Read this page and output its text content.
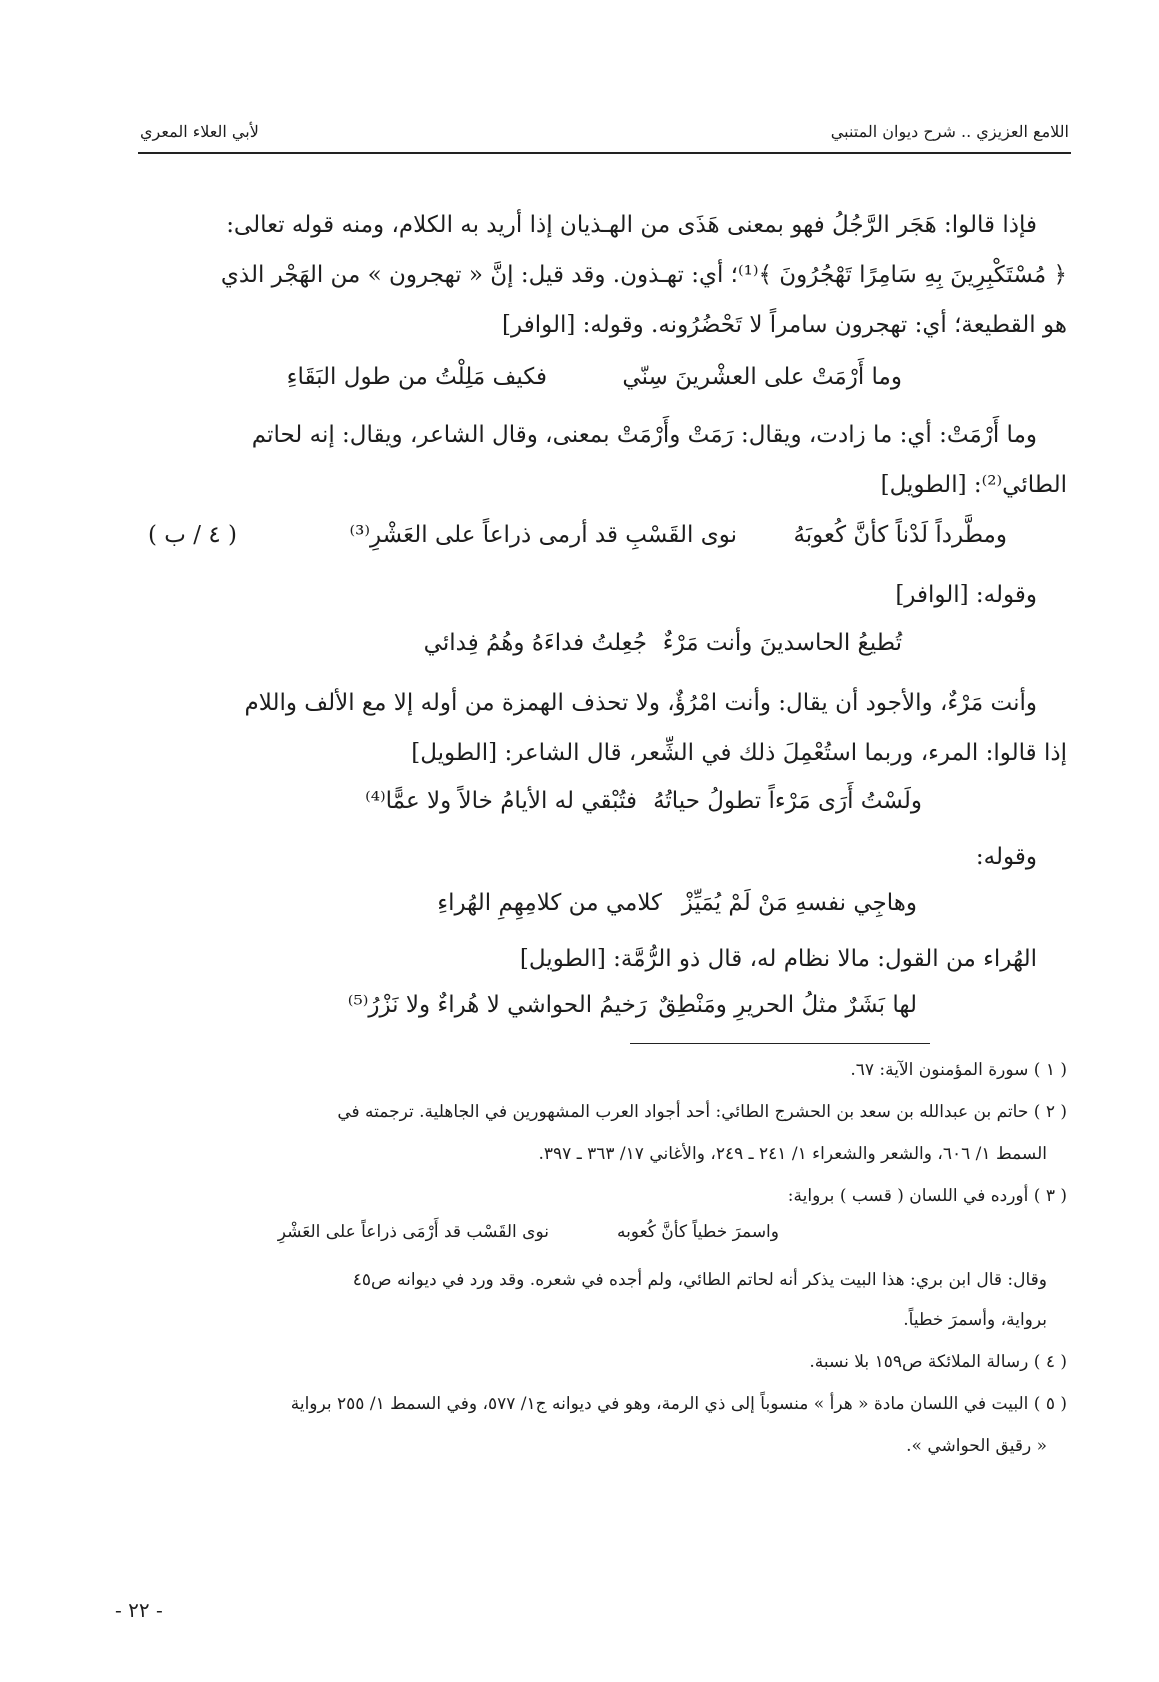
اللامع العزيزي .. شرح ديوان المتنبي
لأبي العلاء المعري
فإذا قالوا: هَجَر الرَّجُلُ فهو بمعنى هَذَى من الهـذيان إذا أريد به الكلام، ومنه قوله تعالى:
﴿ مُسْتَكْبِرِينَ بِهِ سَامِرًا تَهْجُرُونَ ﴾⁽¹⁾؛ أي: تهـذون. وقد قيل: إنَّ « تهجرون » من الهَجْر الذي
هو القطيعة؛ أي: تهجرون سامراً لا تَحْضُرُونه. وقوله: [الوافر]
وما أَرْمَتْ على العشْرينَ سِنّي
فكيف مَلِلْتُ من طول البَقَاءِ
وما أَرْمَتْ: أي: ما زادت، ويقال: رَمَتْ وأَرْمَتْ بمعنى، وقال الشاعر، ويقال: إنه لحاتم
الطائي⁽²⁾: [الطويل]
ومطَّرداً لَدْناً كأنَّ كُعوبَهُ
نوى القَسْبِ قد أرمى ذراعاً على العَشْرِ⁽³⁾
( ٤ / ب )
وقوله: [الوافر]
تُطيعُ الحاسدينَ وأنت مَرْءٌ
جُعِلتُ فداءَهُ وهُمُ فِدائي
وأنت مَرْءٌ، والأجود أن يقال: وأنت امْرُؤٌ، ولا تحذف الهمزة من أوله إلا مع الألف واللام
إذا قالوا: المرء، وربما استُعْمِلَ ذلك في الشِّعر، قال الشاعر: [الطويل]
ولَسْتُ أَرَى مَرْءاً تطولُ حياتُهُ
فتُبْقي له الأيامُ خالاً ولا عمًّا⁽⁴⁾
وقوله:
وهاجِي نفسهِ مَنْ لَمْ يُمَيِّزْ
كلامي من كلامِهِمِ الهُراءِ
الهُراء من القول: مالا نظام له، قال ذو الرُّمَّة: [الطويل]
لها بَشَرٌ مثلُ الحريرِ ومَنْطِقٌ
رَخيمُ الحواشي لا هُراءٌ ولا نَزْرُ⁽⁵⁾
( ١ ) سورة المؤمنون الآية: ٦٧.
( ٢ ) حاتم بن عبدالله بن سعد بن الحشرج الطائي: أحد أجواد العرب المشهورين في الجاهلية. ترجمته في
السمط ١/ ٦٠٦، والشعر والشعراء ١/ ٢٤١ ـ ٢٤٩، والأغاني ١٧/ ٣٦٣ ـ ٣٩٧.
( ٣ ) أورده في اللسان ( قسب ) برواية:
واسمرَ خطياً كأنَّ كُعوبه
نوى القَسْب قد أَرْمَى ذراعاً على العَشْرِ
وقال: قال ابن بري: هذا البيت يذكر أنه لحاتم الطائي، ولم أجده في شعره. وقد ورد في ديوانه ص٤٥
برواية، وأسمرَ خطياً.
( ٤ ) رسالة الملائكة ص١٥٩ بلا نسبة.
( ٥ ) البيت في اللسان مادة « هرأ » منسوباً إلى ذي الرمة، وهو في ديوانه ج١/ ٥٧٧، وفي السمط ١/ ٢٥٥ برواية
« رقيق الحواشي ».
- ٢٢ -
